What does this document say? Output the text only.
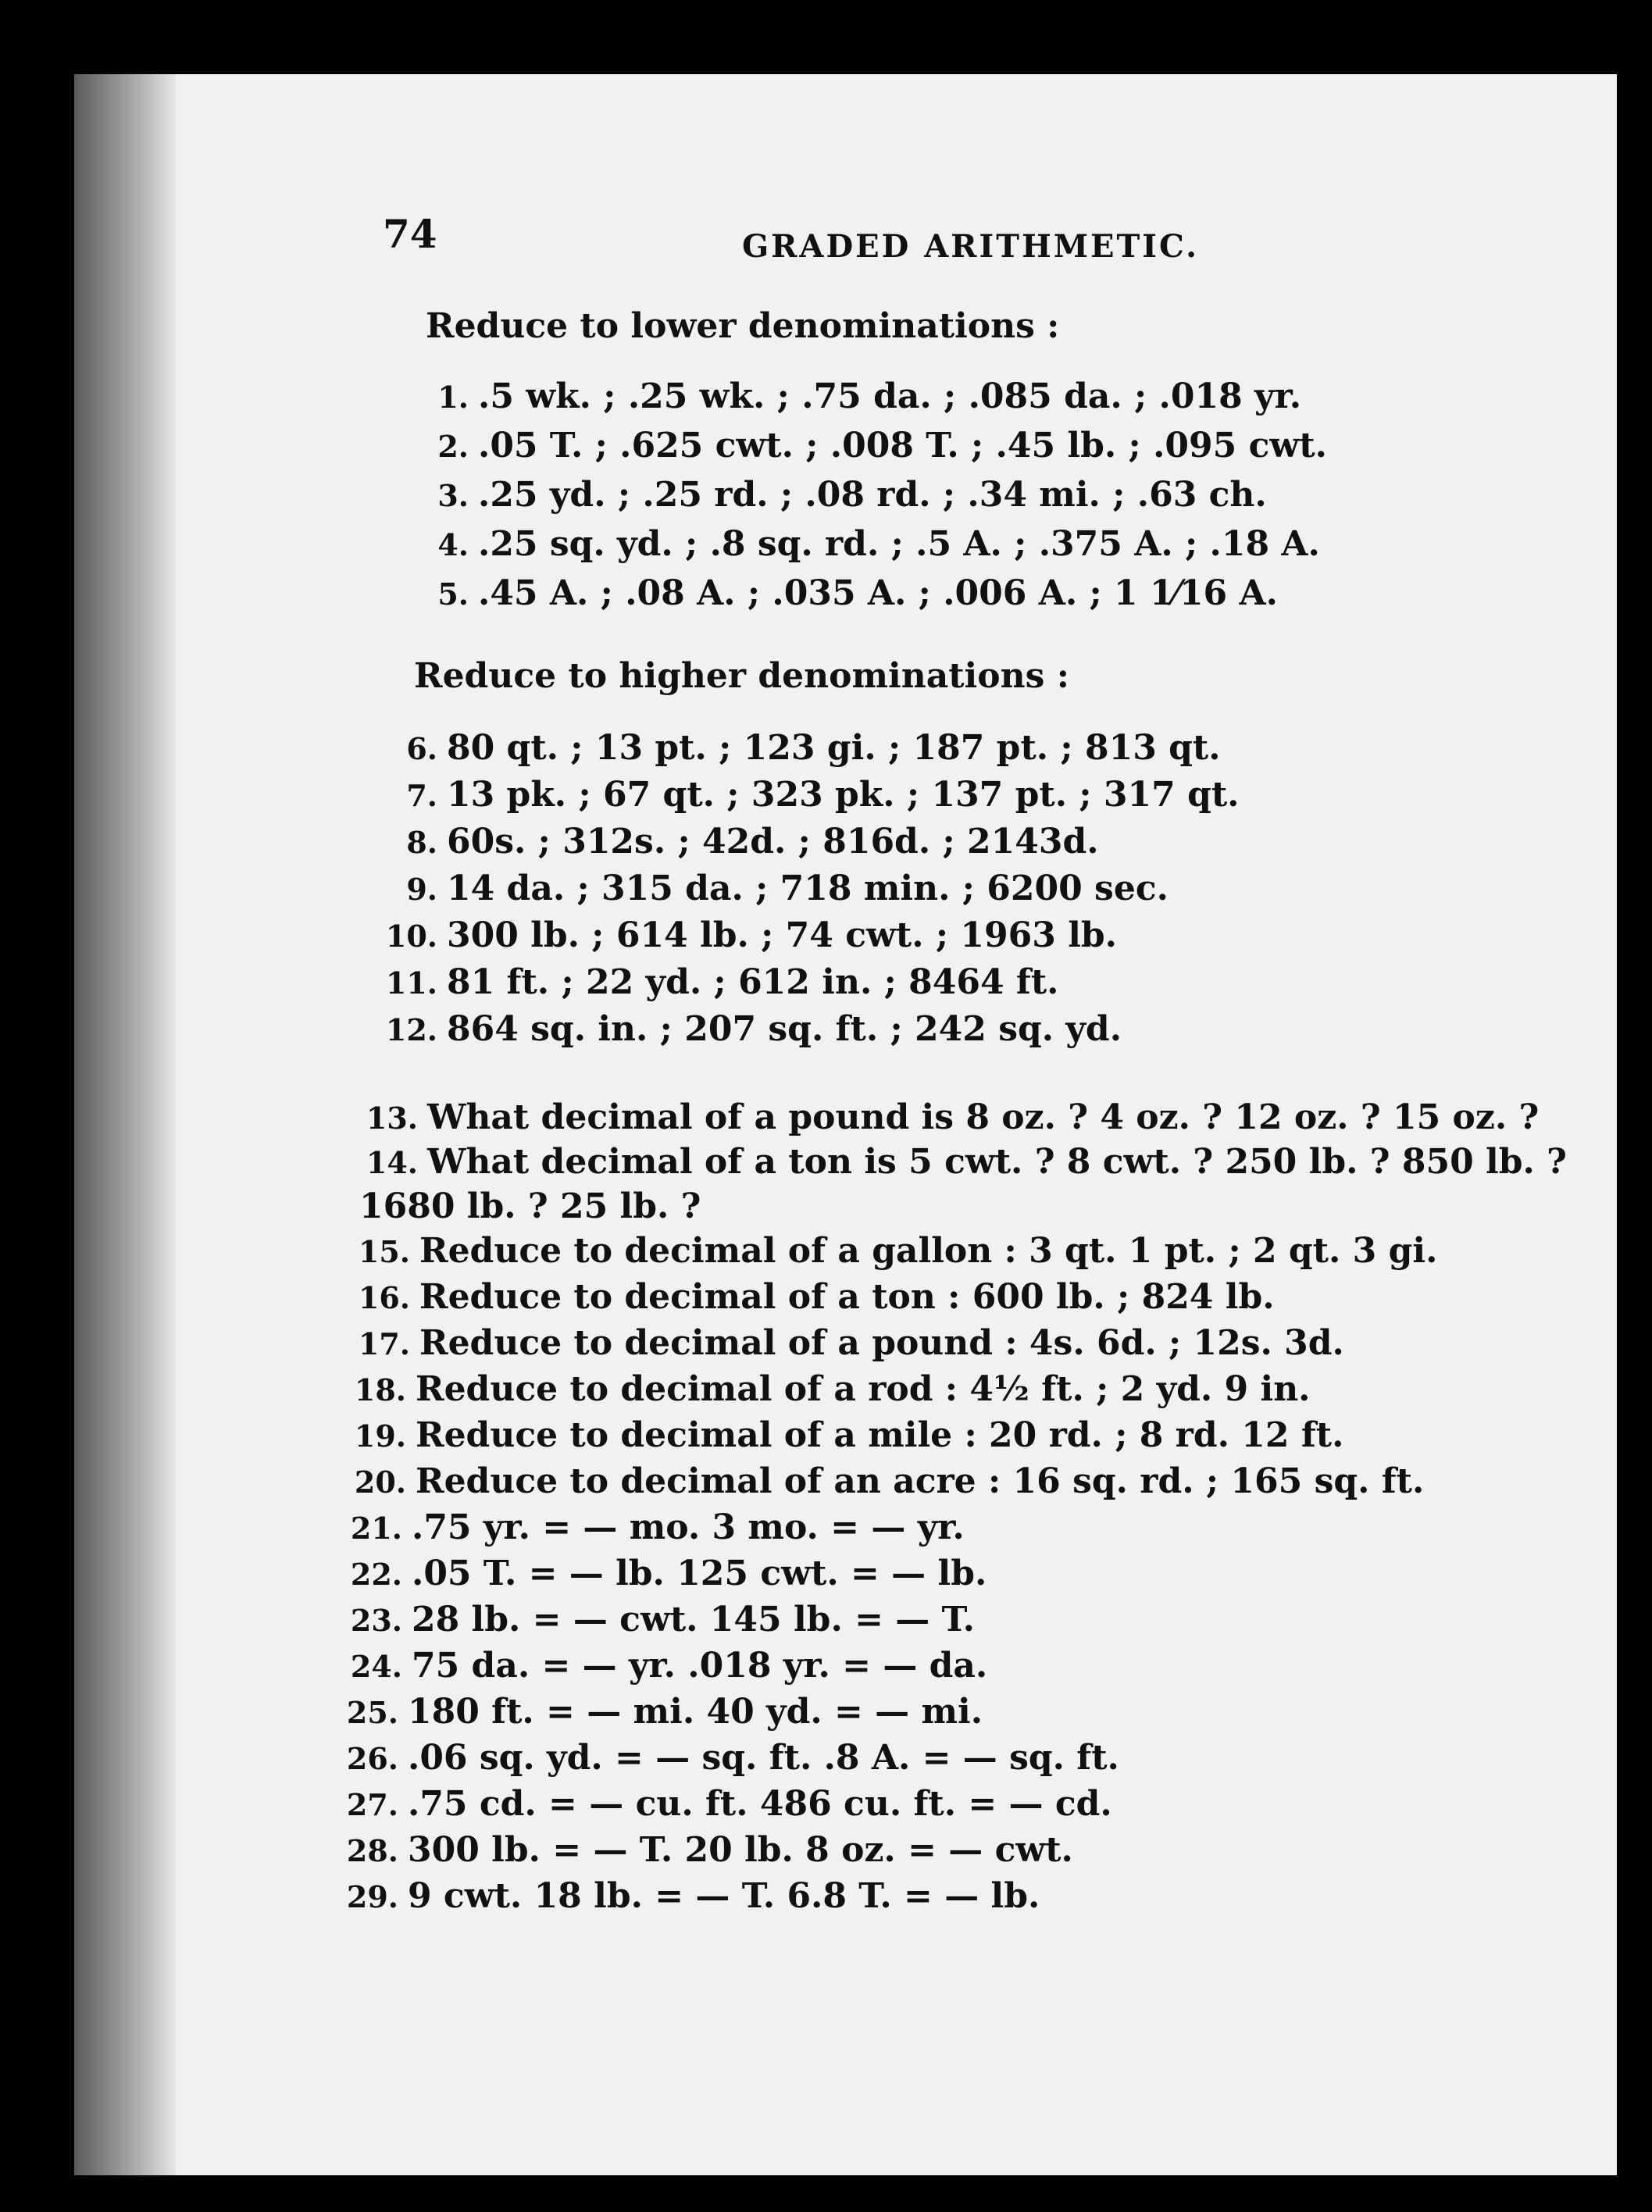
74	GRADED ARITHMETIC.
Reduce to lower denominations :
1. .5 wk. ; .25 wk. ; .75 da. ; .085 da. ; .018 yr.
2. .05 T. ; .625 cwt. ; .008 T. ; .45 lb. ; .095 cwt.
3. .25 yd. ; .25 rd. ; .08 rd. ; .34 mi. ; .63 ch.
4. .25 sq. yd. ; .8 sq. rd. ; .5 A. ; .375 A. ; .18 A.
5. .45 A. ; .08 A. ; .035 A. ; .006 A. ; 1 1⁄16 A.
Reduce to higher denominations :
6. 80 qt. ; 13 pt. ; 123 gi. ; 187 pt. ; 813 qt.
7. 13 pk. ; 67 qt. ; 323 pk. ; 137 pt. ; 317 qt.
8. 60s. ; 312s. ; 42d. ; 816d. ; 2143d.
9. 14 da. ; 315 da. ; 718 min. ; 6200 sec.
10. 300 lb. ; 614 lb. ; 74 cwt. ; 1963 lb.
11. 81 ft. ; 22 yd. ; 612 in. ; 8464 ft.
12. 864 sq. in. ; 207 sq. ft. ; 242 sq. yd.
13. What decimal of a pound is 8 oz. ? 4 oz. ? 12 oz. ? 15 oz. ?
14. What decimal of a ton is 5 cwt. ? 8 cwt. ? 250 lb. ? 850 lb. ?
1680 lb. ? 25 lb. ?
15. Reduce to decimal of a gallon : 3 qt. 1 pt. ; 2 qt. 3 gi.
16. Reduce to decimal of a ton : 600 lb. ; 824 lb.
17. Reduce to decimal of a pound : 4s. 6d. ; 12s. 3d.
18. Reduce to decimal of a rod : 4½ ft. ; 2 yd. 9 in.
19. Reduce to decimal of a mile : 20 rd. ; 8 rd. 12 ft.
20. Reduce to decimal of an acre : 16 sq. rd. ; 165 sq. ft.
21. .75 yr. = — mo. 3 mo. = — yr.
22. .05 T. = — lb. 125 cwt. = — lb.
23. 28 lb. = — cwt. 145 lb. = — T.
24. 75 da. = — yr. .018 yr. = — da.
25. 180 ft. = — mi. 40 yd. = — mi.
26. .06 sq. yd. = — sq. ft. .8 A. = — sq. ft.
27. .75 cd. = — cu. ft. 486 cu. ft. = — cd.
28. 300 lb. = — T. 20 lb. 8 oz. = — cwt.
29. 9 cwt. 18 lb. = — T. 6.8 T. = — lb.
